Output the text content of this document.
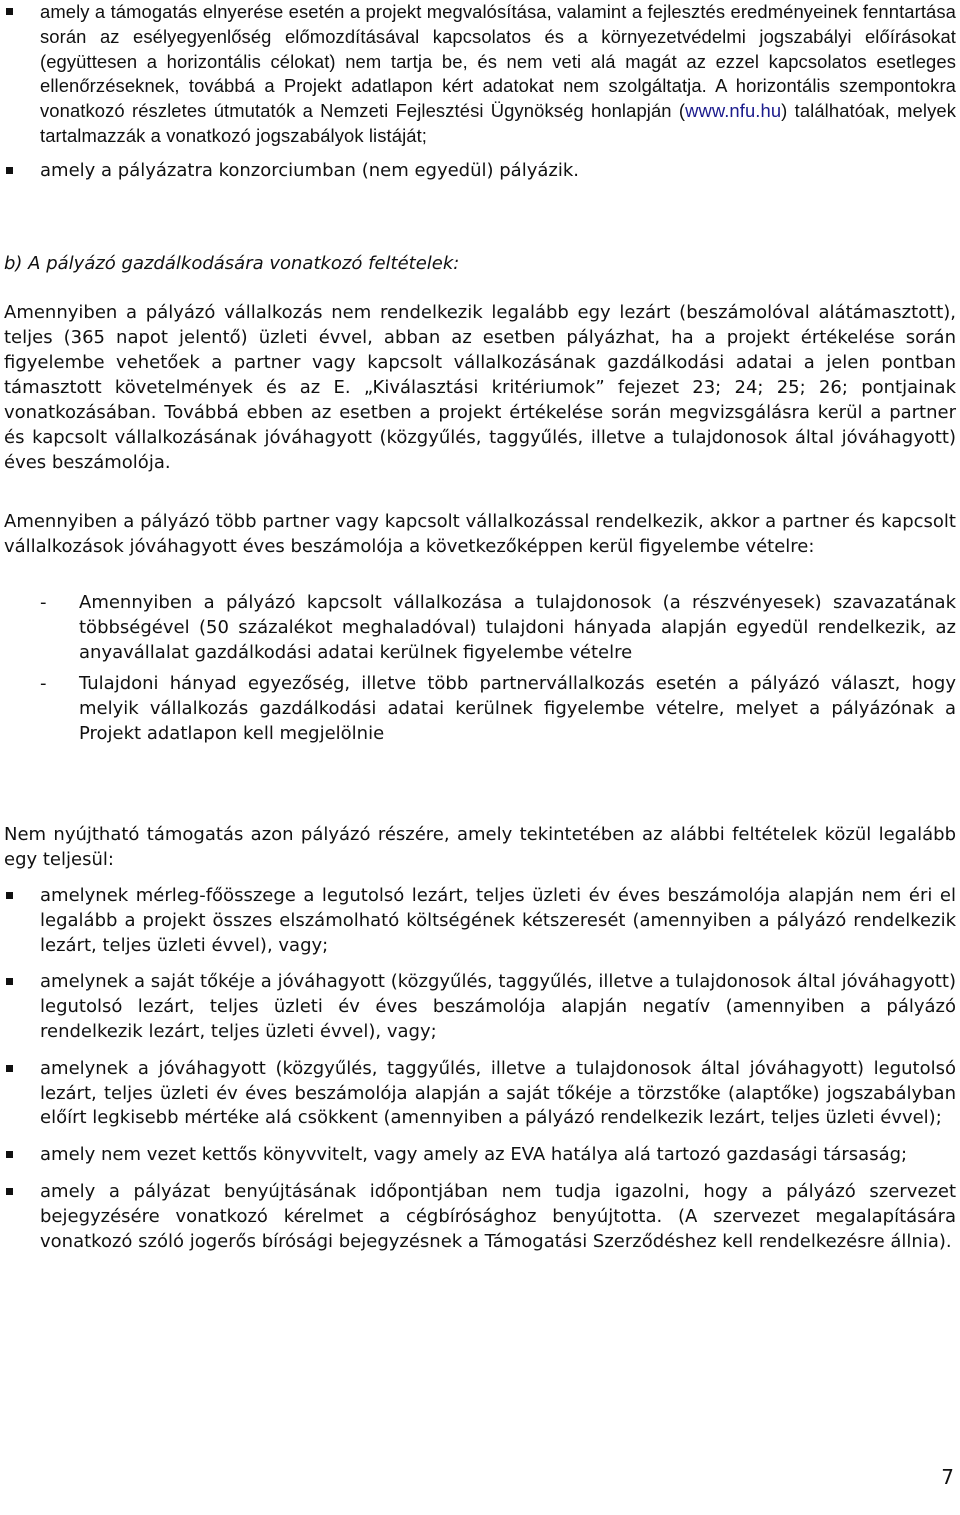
amely a támogatás elnyerése esetén a projekt megvalósítása, valamint a fejlesztés eredményeinek fenntartása során az esélyegyenlőség előmozdításával kapcsolatos és a környezetvédelmi jogszabályi előírásokat (együttesen a horizontális célokat) nem tartja be, és nem veti alá magát az ezzel kapcsolatos esetleges ellenőrzéseknek, továbbá a Projekt adatlapon kért adatokat nem szolgáltatja. A horizontális szempontokra vonatkozó részletes útmutatók a Nemzeti Fejlesztési Ügynökség honlapján (www.nfu.hu) találhatóak, melyek tartalmazzák a vonatkozó jogszabályok listáját;
amely a pályázatra konzorciumban (nem egyedül) pályázik.

b) A pályázó gazdálkodására vonatkozó feltételek:

Amennyiben a pályázó vállalkozás nem rendelkezik legalább egy lezárt (beszámolóval alátámasztott), teljes (365 napot jelentő) üzleti évvel, abban az esetben pályázhat, ha a projekt értékelése során figyelembe vehetőek a partner vagy kapcsolt vállalkozásának gazdálkodási adatai a jelen pontban támasztott követelmények és az E. „Kiválasztási kritériumok” fejezet 23; 24; 25; 26; pontjainak vonatkozásában. Továbbá ebben az esetben a projekt értékelése során megvizsgálásra kerül a partner és kapcsolt vállalkozásának jóváhagyott (közgyűlés, taggyűlés, illetve a tulajdonosok által jóváhagyott) éves beszámolója.

Amennyiben a pályázó több partner vagy kapcsolt vállalkozással rendelkezik, akkor a partner és kapcsolt vállalkozások jóváhagyott éves beszámolója a következőképpen kerül figyelembe vételre:

- Amennyiben a pályázó kapcsolt vállalkozása a tulajdonosok (a részvényesek) szavazatának többségével (50 százalékot meghaladóval) tulajdoni hányada alapján egyedül rendelkezik, az anyavállalat gazdálkodási adatai kerülnek figyelembe vételre
- Tulajdoni hányad egyezőség, illetve több partnervállalkozás esetén a pályázó választ, hogy melyik vállalkozás gazdálkodási adatai kerülnek figyelembe vételre, melyet a pályázónak a Projekt adatlapon kell megjelölnie

Nem nyújtható támogatás azon pályázó részére, amely tekintetében az alábbi feltételek közül legalább egy teljesül:

amelynek mérleg-főösszege a legutolsó lezárt, teljes üzleti év éves beszámolója alapján nem éri el legalább a projekt összes elszámolható költségének kétszeresét (amennyiben a pályázó rendelkezik lezárt, teljes üzleti évvel), vagy;
amelynek a saját tőkéje a jóváhagyott (közgyűlés, taggyűlés, illetve a tulajdonosok által jóváhagyott) legutolsó lezárt, teljes üzleti év éves beszámolója alapján negatív (amennyiben a pályázó rendelkezik lezárt, teljes üzleti évvel), vagy;
amelynek a jóváhagyott (közgyűlés, taggyűlés, illetve a tulajdonosok által jóváhagyott) legutolsó lezárt, teljes üzleti év éves beszámolója alapján a saját tőkéje a törzstőke (alaptőke) jogszabályban előírt legkisebb mértéke alá csökkent (amennyiben a pályázó rendelkezik lezárt, teljes üzleti évvel);
amely nem vezet kettős könyvvitelt, vagy amely az EVA hatálya alá tartozó gazdasági társaság;
amely a pályázat benyújtásának időpontjában nem tudja igazolni, hogy a pályázó szervezet bejegyzésére vonatkozó kérelmet a cégbírósághoz benyújtotta. (A szervezet megalapítására vonatkozó szóló jogerős bírósági bejegyzésnek a Támogatási Szerződéshez kell rendelkezésre állnia).
7
